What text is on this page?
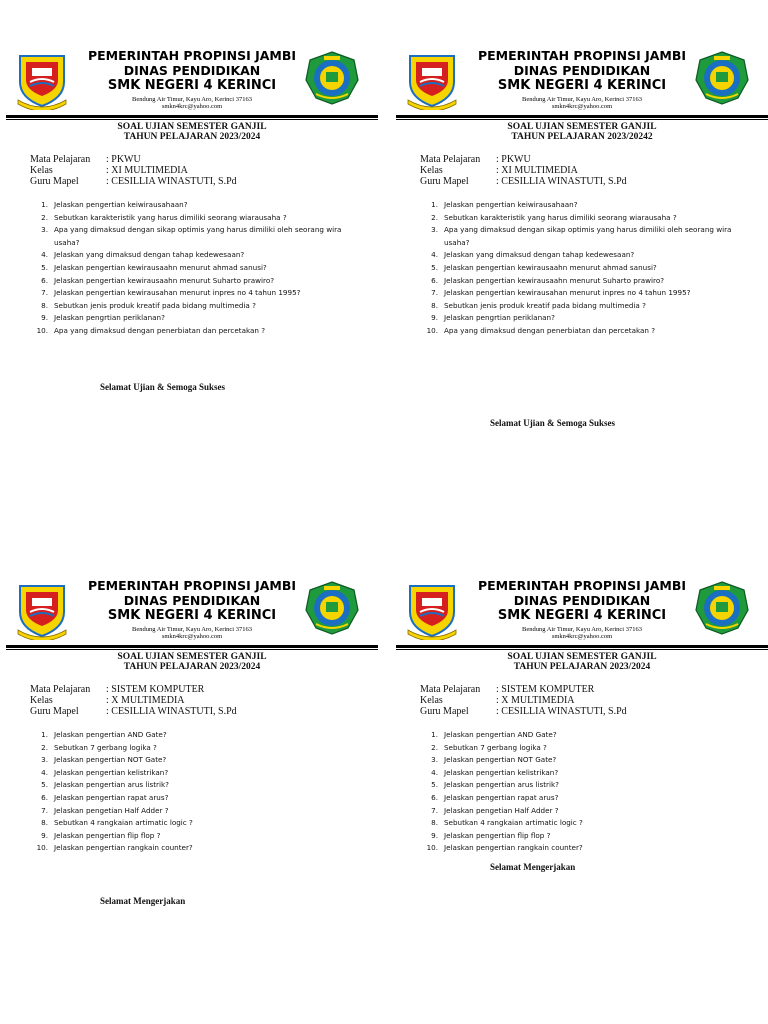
PEMERINTAH PROPINSI JAMBI
DINAS PENDIDIKAN
SMK NEGERI 4 KERINCI
Bendung Air Timur, Kayu Aro, Kerinci 37163
smkn4krc@yahoo.com
SOAL UJIAN SEMESTER GANJIL
TAHUN PELAJARAN 2023/2024
Mata Pelajaran	: PKWU
Kelas	: XI MULTIMEDIA
Guru Mapel	: CESILLIA WINASTUTI, S.Pd
1. Jelaskan pengertian keiwirausahaan?
2. Sebutkan karakteristik yang harus dimiliki seorang wiarausaha ?
3. Apa yang dimaksud dengan sikap optimis yang harus dimiliki oleh seorang wira usaha?
4. Jelaskan yang dimaksud dengan tahap kedewesaan?
5. Jelaskan pengertian kewirausaahn menurut ahmad sanusi?
6. Jelaskan pengertian kewirausaahn menurut Suharto prawiro?
7. Jelaskan pengertian kewirausahan menurut inpres no 4 tahun 1995?
8. Sebutkan jenis produk kreatif pada bidang multimedia ?
9. Jelaskan pengrtian periklanan?
10. Apa yang dimaksud dengan penerbiatan dan percetakan ?
Selamat Ujian & Semoga Sukses
PEMERINTAH PROPINSI JAMBI
DINAS PENDIDIKAN
SMK NEGERI 4 KERINCI
Bendung Air Timur, Kayu Aro, Kerinci 37163
smkn4krc@yahoo.com
SOAL UJIAN SEMESTER GANJIL
TAHUN PELAJARAN 2023/20242
Mata Pelajaran	: PKWU
Kelas	: XI MULTIMEDIA
Guru Mapel	: CESILLIA WINASTUTI, S.Pd
1. Jelaskan pengertian keiwirausahaan?
2. Sebutkan karakteristik yang harus dimiliki seorang wiarausaha ?
3. Apa yang dimaksud dengan sikap optimis yang harus dimiliki oleh seorang wira usaha?
4. Jelaskan yang dimaksud dengan tahap kedewesaan?
5. Jelaskan pengertian kewirausaahn menurut ahmad sanusi?
6. Jelaskan pengertian kewirausaahn menurut Suharto prawiro?
7. Jelaskan pengertian kewirausahan menurut inpres no 4 tahun 1995?
8. Sebutkan jenis produk kreatif pada bidang multimedia ?
9. Jelaskan pengrtian periklanan?
10. Apa yang dimaksud dengan penerbiatan dan percetakan ?
Selamat Ujian & Semoga Sukses
PEMERINTAH PROPINSI JAMBI
DINAS PENDIDIKAN
SMK NEGERI 4 KERINCI
Bendung Air Timur, Kayu Aro, Kerinci 37163
smkn4krc@yahoo.com
SOAL UJIAN SEMESTER GANJIL
TAHUN PELAJARAN 2023/2024
Mata Pelajaran	: SISTEM KOMPUTER
Kelas	: X MULTIMEDIA
Guru Mapel	: CESILLIA WINASTUTI, S.Pd
1. Jelaskan pengertian AND Gate?
2. Sebutkan 7 gerbang logika ?
3. Jelaskan pengertian NOT Gate?
4. Jelaskan pengertian kelistrikan?
5. Jelaskan pengertian arus listrik?
6. Jelaskan pengertian rapat arus?
7. Jelaskan pengetian Half Adder ?
8. Sebutkan 4 rangkaian artimatic logic ?
9. Jelaskan pengertian flip flop ?
10. Jelaskan pengertian rangkain counter?
Selamat Mengerjakan
PEMERINTAH PROPINSI JAMBI
DINAS PENDIDIKAN
SMK NEGERI 4 KERINCI
Bendung Air Timur, Kayu Aro, Kerinci 37163
smkn4krc@yahoo.com
SOAL UJIAN SEMESTER GANJIL
TAHUN PELAJARAN 2023/2024
Mata Pelajaran	: SISTEM KOMPUTER
Kelas	: X MULTIMEDIA
Guru Mapel	: CESILLIA WINASTUTI, S.Pd
1. Jelaskan pengertian AND Gate?
2. Sebutkan 7 gerbang logika ?
3. Jelaskan pengertian NOT Gate?
4. Jelaskan pengertian kelistrikan?
5. Jelaskan pengertian arus listrik?
6. Jelaskan pengertian rapat arus?
7. Jelaskan pengetian Half Adder ?
8. Sebutkan 4 rangkaian artimatic logic ?
9. Jelaskan pengertian flip flop ?
10. Jelaskan pengertian rangkain counter?
Selamat Mengerjakan
